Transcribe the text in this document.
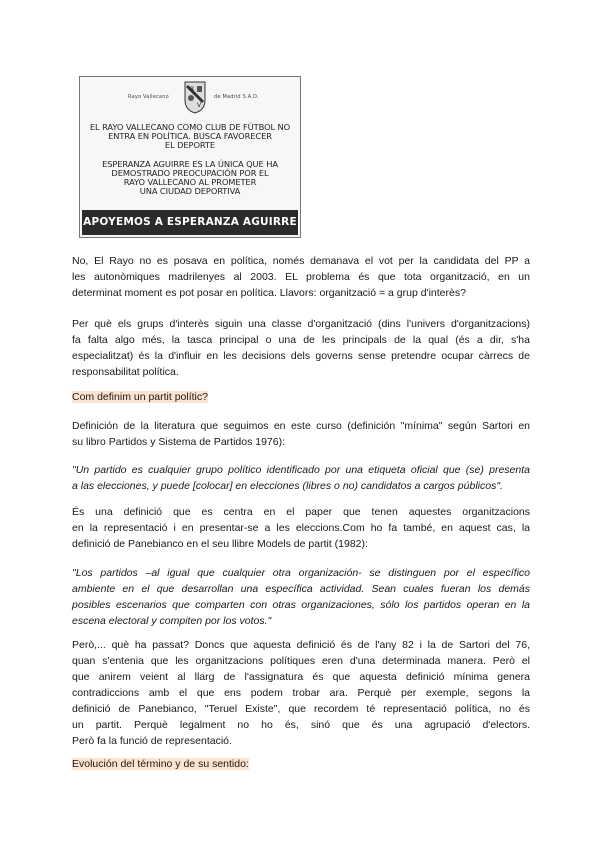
Rayo Vallecano
R
V
de Madrid S.A.D.
EL RAYO VALLECANO COMO CLUB DE FÚTBOL NO
ENTRA EN POLÍTICA. BUSCA FAVORECER
EL DEPORTE
ESPERANZA AGUIRRE ES LA ÚNICA QUE HA
DEMOSTRADO PREOCUPACIÓN POR EL
RAYO VALLECANO AL PROMETER
UNA CIUDAD DEPORTIVA
APOYEMOS A ESPERANZA AGUIRRE
No, El Rayo no es posava en política, només demanava el vot per la candidata del PP a
les autonòmiques madrilenyes al 2003. EL problema és que tota organització, en un
determinat moment es pot posar en política. Llavors: organització = a grup d'interès?
Per què els grups d'interès siguin una classe d'organització (dins l'univers d'organitzacions)
fa falta algo més, la tasca principal o una de les principals de la qual (és a dir, s'ha
especialitzat) és la d'influir en les decisions dels governs sense pretendre ocupar càrrecs de
responsabilitat política.
Com definim un partit polític?
Definición de la literatura que seguimos en este curso (definición "mínima" según Sartori en
su libro Partidos y Sistema de Partidos 1976):
"Un partido es cualquier grupo político identificado por una etiqueta oficial que (se) presenta
a las elecciones, y puede [colocar] en elecciones (libres o no) candidatos a cargos públicos".
És una definició que es centra en el paper que tenen aquestes organitzacions
en la representació i en presentar-se a les eleccions.Com ho fa també, en aquest cas, la
definició de Panebianco en el seu llibre Models de partit (1982):
"Los partidos –al igual que cualquier otra organización- se distinguen por el específico
ambiente en el que desarrollan una específica actividad. Sean cuales fueran los demás
posibles escenarios que comparten con otras organizaciones, sólo los partidos operan en la
escena electoral y compiten por los votos."
Però,... què ha passat? Doncs que aquesta definició és de l'any 82 i la de Sartori del 76,
quan s'entenia que les organitzacions polítiques eren d'una determinada manera. Però el
que anirem veient al llarg de l'assignatura és que aquesta definició mínima genera
contradiccions amb el que ens podem trobar ara. Perquè per exemple, segons la
definició de Panebianco, "Teruel Existe", que recordem té representació política, no és
un partit. Perquè legalment no ho és, sinó que és una agrupació d'electors.
Però fa la funció de representació.
Evolución del término y de su sentido:
